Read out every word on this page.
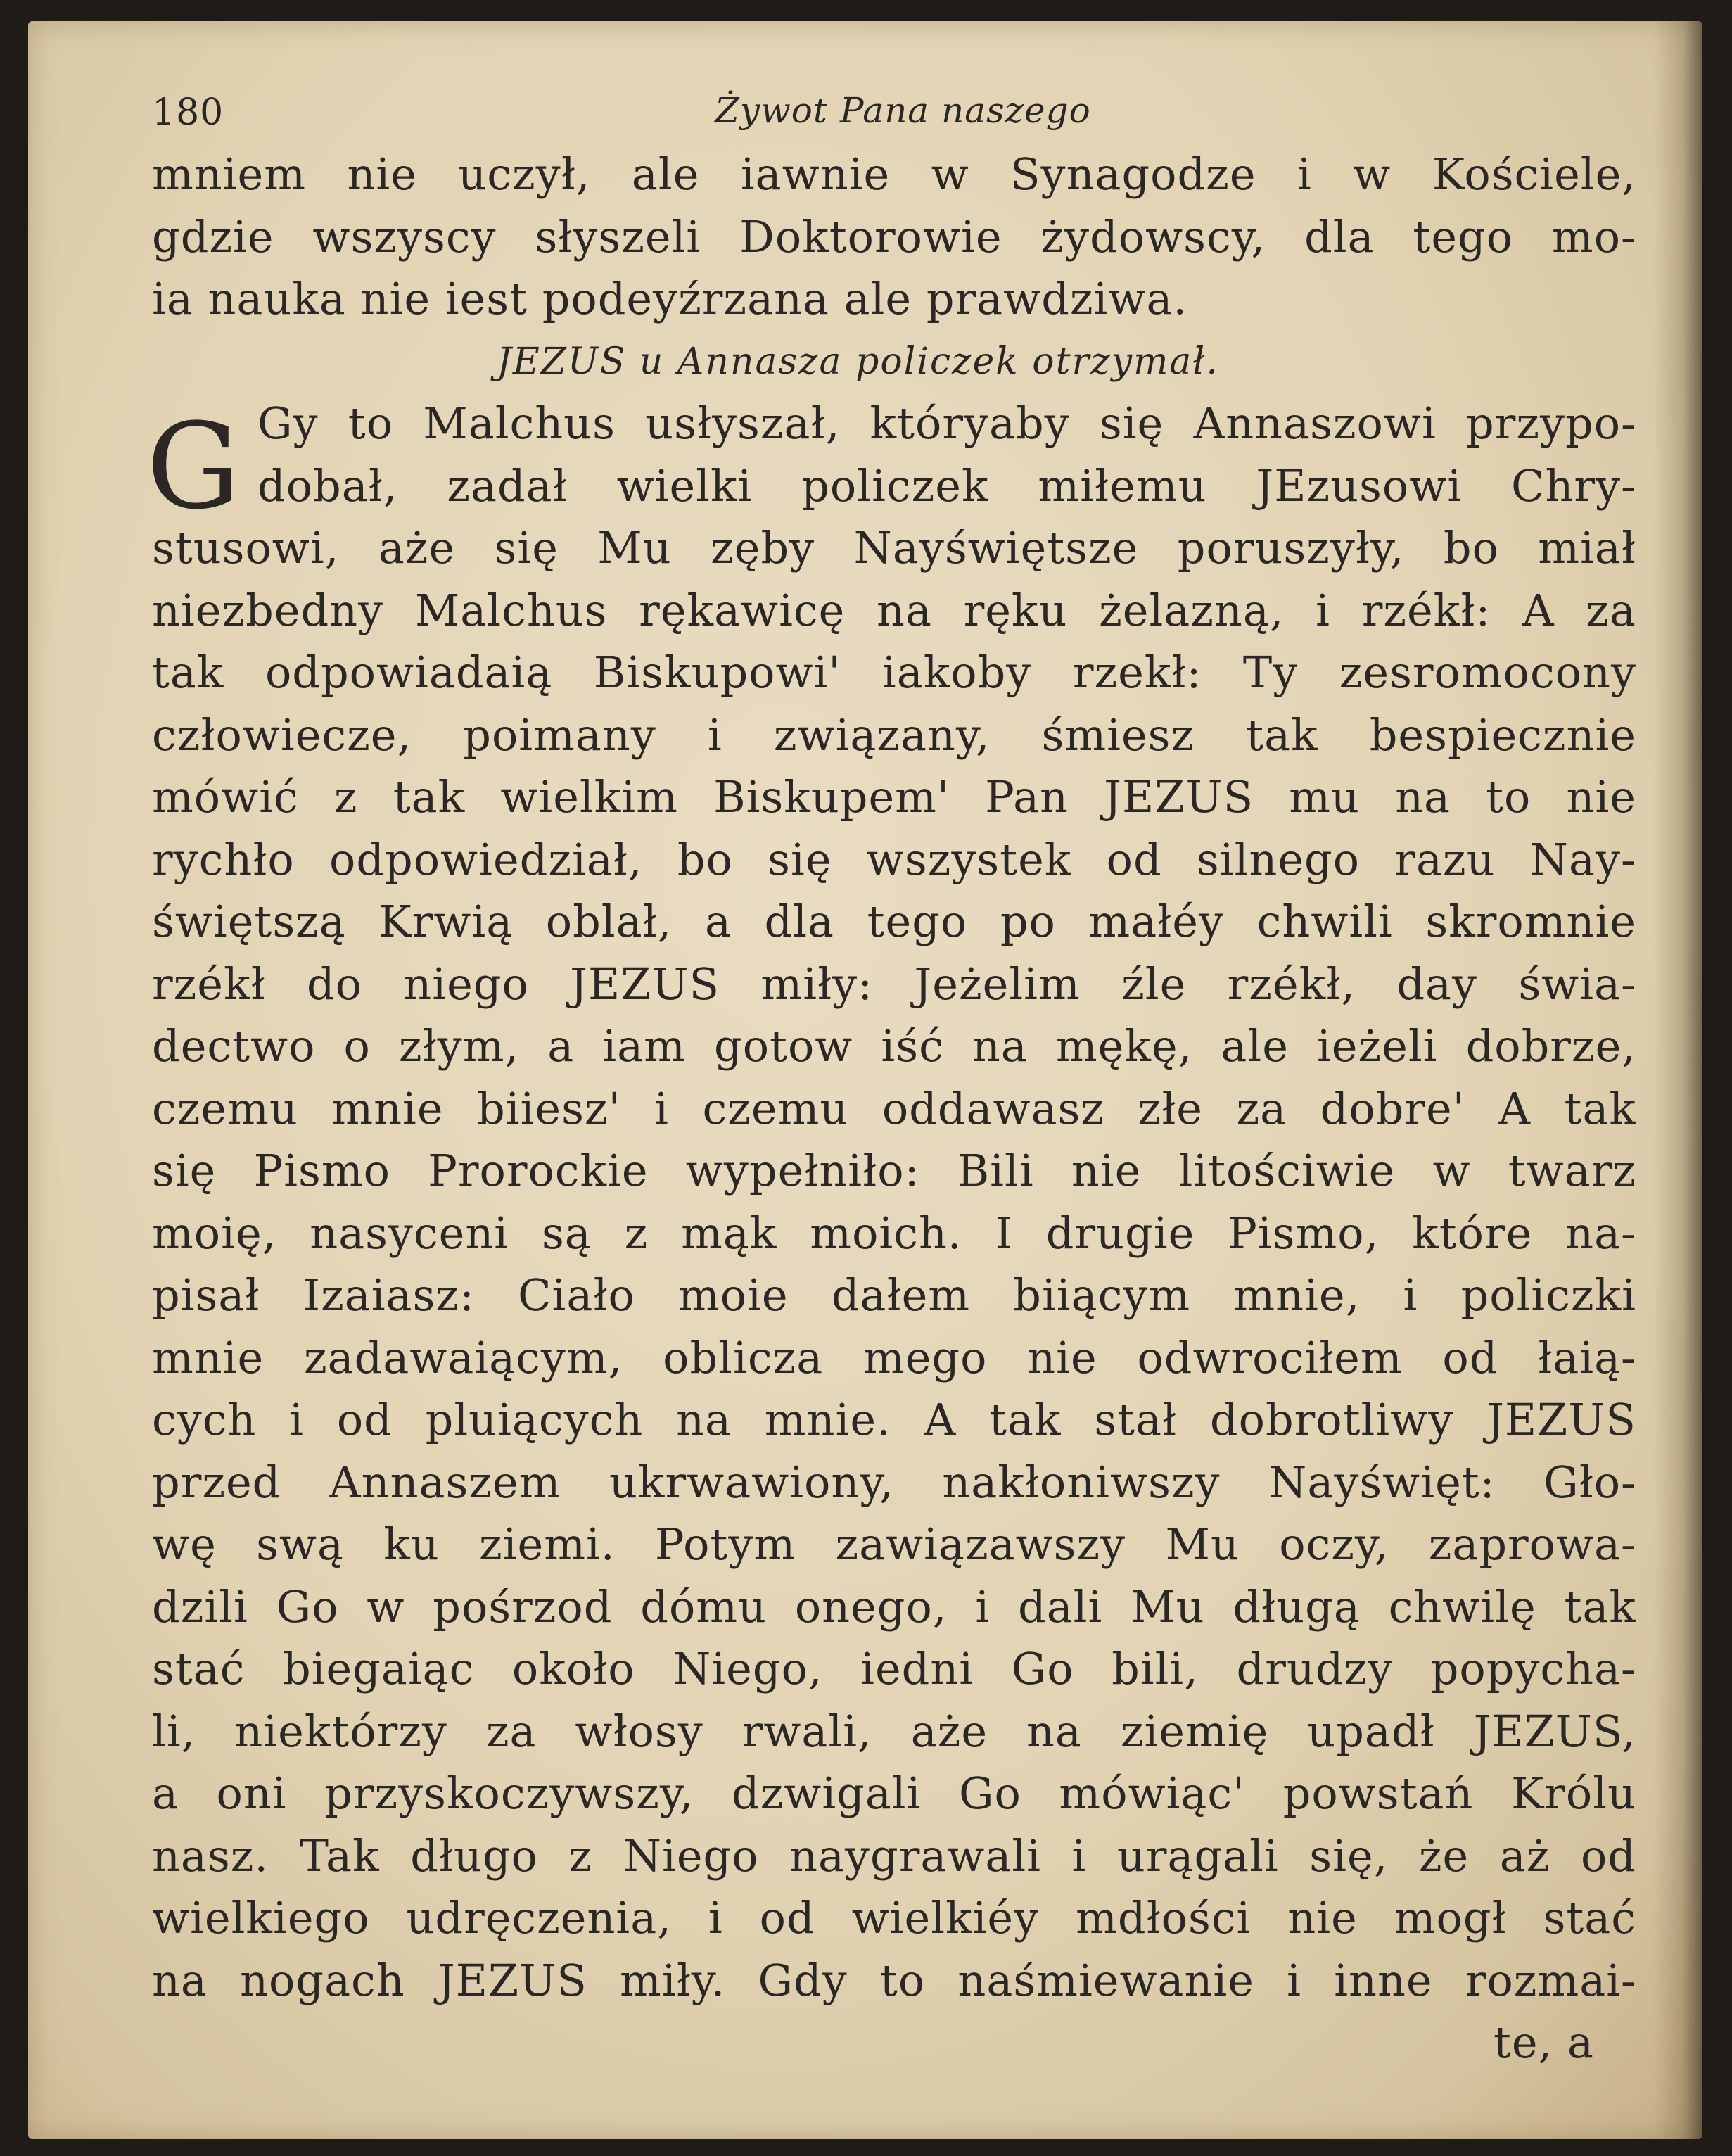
180	Żywot Pana naszego
mniem nie uczył, ale iawnie w Synagodze i w Kościele,
gdzie wszyscy słyszeli Doktorowie żydowscy, dla tego mo-
ia nauka nie iest podeyźrzana ale prawdziwa.
JEZUS u Annasza policzek otrzymał.
G Gy to Malchus usłyszał, któryaby się Annaszowi przypo-
dobał, zadał wielki policzek miłemu JEzusowi Chry-
stusowi, aże się Mu zęby Nayświętsze poruszyły, bo miał
niezbedny Malchus rękawicę na ręku żelazną, i rzékł: A za
tak odpowiadaią Biskupowi' iakoby rzekł: Ty zesromocony
człowiecze, poimany i związany, śmiesz tak bespiecznie
mówić z tak wielkim Biskupem' Pan JEZUS mu na to nie
rychło odpowiedział, bo się wszystek od silnego razu Nay-
świętszą Krwią oblał, a dla tego po małéy chwili skromnie
rzékł do niego JEZUS miły: Jeżelim źle rzékł, day świa-
dectwo o złym, a iam gotow iść na mękę, ale ieżeli dobrze,
czemu mnie biiesz' i czemu oddawasz złe za dobre' A tak
się Pismo Prorockie wypełniło: Bili nie litościwie w twarz
moię, nasyceni są z mąk moich. I drugie Pismo, które na-
pisał Izaiasz: Ciało moie dałem biiącym mnie, i policzki
mnie zadawaiącym, oblicza mego nie odwrociłem od łaią-
cych i od pluiących na mnie. A tak stał dobrotliwy JEZUS
przed Annaszem ukrwawiony, nakłoniwszy Nayświęt: Gło-
wę swą ku ziemi. Potym zawiązawszy Mu oczy, zaprowa-
dzili Go w pośrzod dómu onego, i dali Mu długą chwilę tak
stać biegaiąc około Niego, iedni Go bili, drudzy popycha-
li, niektórzy za włosy rwali, aże na ziemię upadł JEZUS,
a oni przyskoczywszy, dzwigali Go mówiąc' powstań Królu
nasz. Tak długo z Niego naygrawali i urągali się, że aż od
wielkiego udręczenia, i od wielkiéy mdłości nie mogł stać
na nogach JEZUS miły. Gdy to naśmiewanie i inne rozmai-
te, a
